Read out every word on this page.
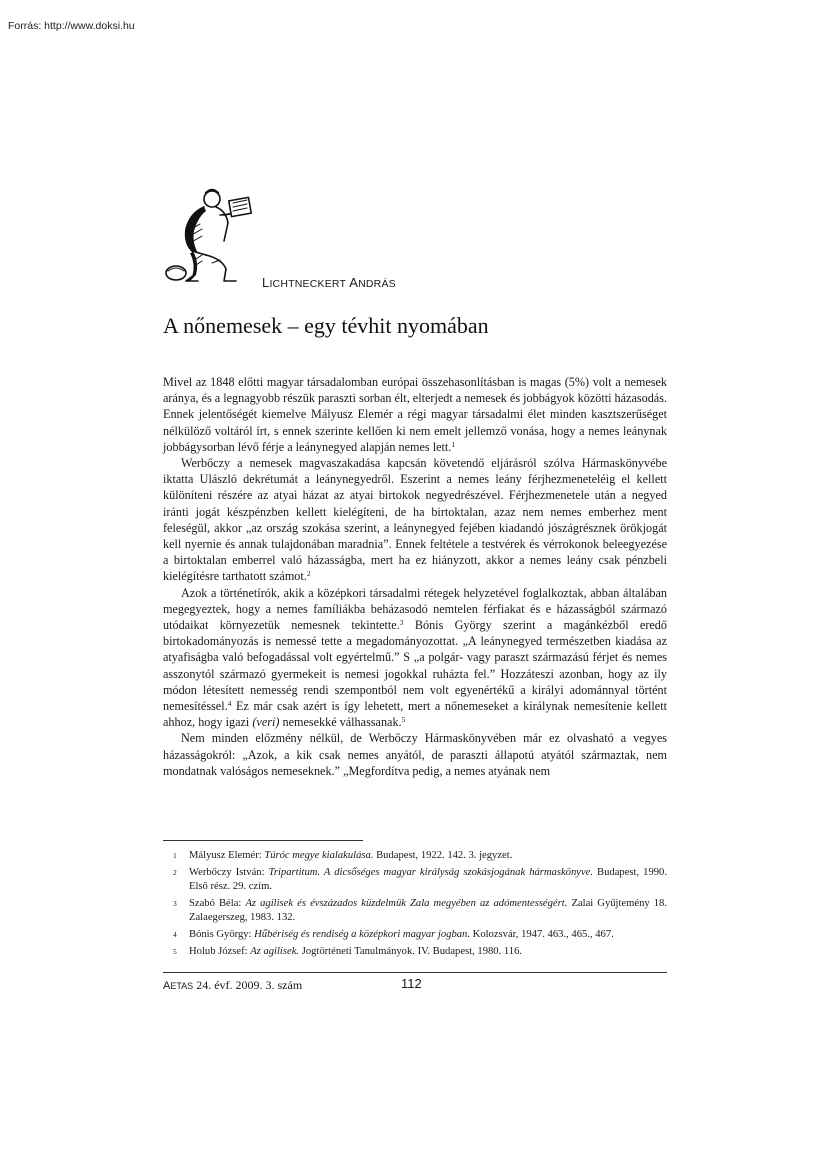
Forrás: http://www.doksi.hu
LICHTNECKERT ANDRÁS
A nőnemesek – egy tévhit nyomában

Mivel az 1848 előtti magyar társadalomban európai összehasonlításban is magas (5%) volt a nemesek aránya, és a legnagyobb részük paraszti sorban élt, elterjedt a nemesek és jobbágyok közötti házasodás. Ennek jelentőségét kiemelve Mályusz Elemér a régi magyar társadalmi élet minden kasztszerűséget nélkülöző voltáról írt, s ennek szerinte kellően ki nem emelt jellemző vonása, hogy a nemes leánynak jobbágysorban lévő férje a leánynegyed alapján nemes lett.$^1$

Werbőczy a nemesek magvaszakadása kapcsán követendő eljárásról szólva Hármaskönyvébe iktatta Ulászló dekrétumát a leánynegyedről. Eszerint a nemes leány férjhezmeneteléig el kellett különíteni részére az atyai házat az atyai birtokok negyedrészével. Férjhezmenetele után a negyed iránti jogát készpénzben kellett kielégíteni, de ha birtoktalan, azaz nem nemes emberhez ment feleségül, akkor „az ország szokása szerint, a leánynegyed fejében kiadandó jószágrésznek örökjogát kell nyernie és annak tulajdonában maradnia”. Ennek feltétele a testvérek és vérrokonok beleegyezése a birtoktalan emberrel való házasságba, mert ha ez hiányzott, akkor a nemes leány csak pénzbeli kielégítésre tarthatott számot.$^2$

Azok a történetírók, akik a középkori társadalmi rétegek helyzetével foglalkoztak, abban általában megegyeztek, hogy a nemes famíliákba beházasodó nemtelen férfiakat és e házasságból származó utódaikat környezetük nemesnek tekintette.$^3$ Bónis György szerint a magánkézből eredő birtokadományozás is nemessé tette a megadományozottat. „A leánynegyed természetben kiadása az atyafiságba való befogadással volt egyértelmű.” S „a polgár- vagy paraszt származású férjet és nemes asszonytól származó gyermekeit is nemesi jogokkal ruházta fel.” Hozzáteszi azonban, hogy az ily módon létesített nemesség rendi szempontból nem volt egyenértékű a királyi adománnyal történt nemesítéssel.$^4$ Ez már csak azért is így lehetett, mert a nőnemeseket a királynak nemesítenie kellett ahhoz, hogy igazi (veri) nemesekké válhassanak.$^5$

Nem minden előzmény nélkül, de Werbőczy Hármaskönyvében már ez olvasható a vegyes házasságokról: „Azok, a kik csak nemes anyától, de paraszti állapotú atyától származtak, nem mondatnak valóságos nemeseknek.” „Megfordítva pedig, a nemes atyának nem

1	Mályusz Elemér: Túróc megye kialakulása. Budapest, 1922. 142. 3. jegyzet.
2	Werbőczy István: Tripartitum. A dicsőséges magyar királyság szokásjogának hármaskönyve. Budapest, 1990. Első rész. 29. czím.
3	Szabó Béla: Az agilisek és évszázados küzdelmük Zala megyében az adómentességért. Zalai Gyűjtemény 18. Zalaegerszeg, 1983. 132.
4	Bónis György: Hűbériség és rendiség a középkori magyar jogban. Kolozsvár, 1947. 463., 465., 467.
5	Holub József: Az agilisek. Jogtörténeti Tanulmányok. IV. Budapest, 1980. 116.
AETAS 24. évf. 2009. 3. szám	112
